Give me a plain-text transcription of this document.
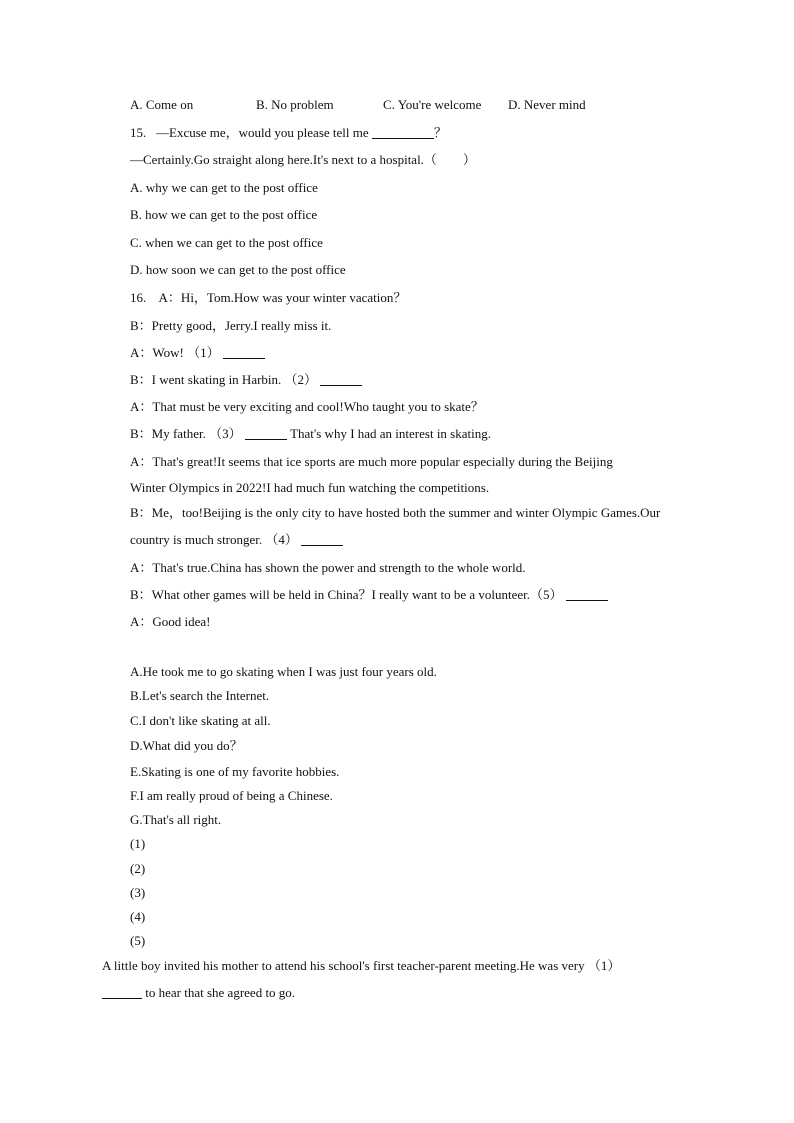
A. Come on	B. No problem	C. You're welcome D. Never mind
15. —Excuse me，would you please tell me	？
—Certainly.Go straight along here.It's next to a hospital.（　　）
A. why we can get to the post office
B. how we can get to the post office
C. when we can get to the post office
D. how soon we can get to the post office
16. A：Hi，Tom.How was your winter vacation？
B：Pretty good，Jerry.I really miss it.
A：Wow! （1）
B：I went skating in Harbin. （2）
A：That must be very exciting and cool!Who taught you to skate？
B：My father. （3）	That's why I had an interest in skating.
A：That's great!It seems that ice sports are much more popular especially during the Beijing
Winter Olympics in 2022!I had much fun watching the competitions.
B：Me，too!Beijing is the only city to have hosted both the summer and winter Olympic Games.Our
country is much stronger. （4）
A：That's true.China has shown the power and strength to the whole world.
B：What other games will be held in China？I really want to be a volunteer.（5）
A：Good idea!
A.He took me to go skating when I was just four years old.
B.Let's search the Internet.
C.I don't like skating at all.
D.What did you do？
E.Skating is one of my favorite hobbies.
F.I am really proud of being a Chinese.
G.That's all right.
(1)
(2)
(3)
(4)
(5)
A little boy invited his mother to attend his school's first teacher-parent meeting.He was very （1）
to hear that she agreed to go.
